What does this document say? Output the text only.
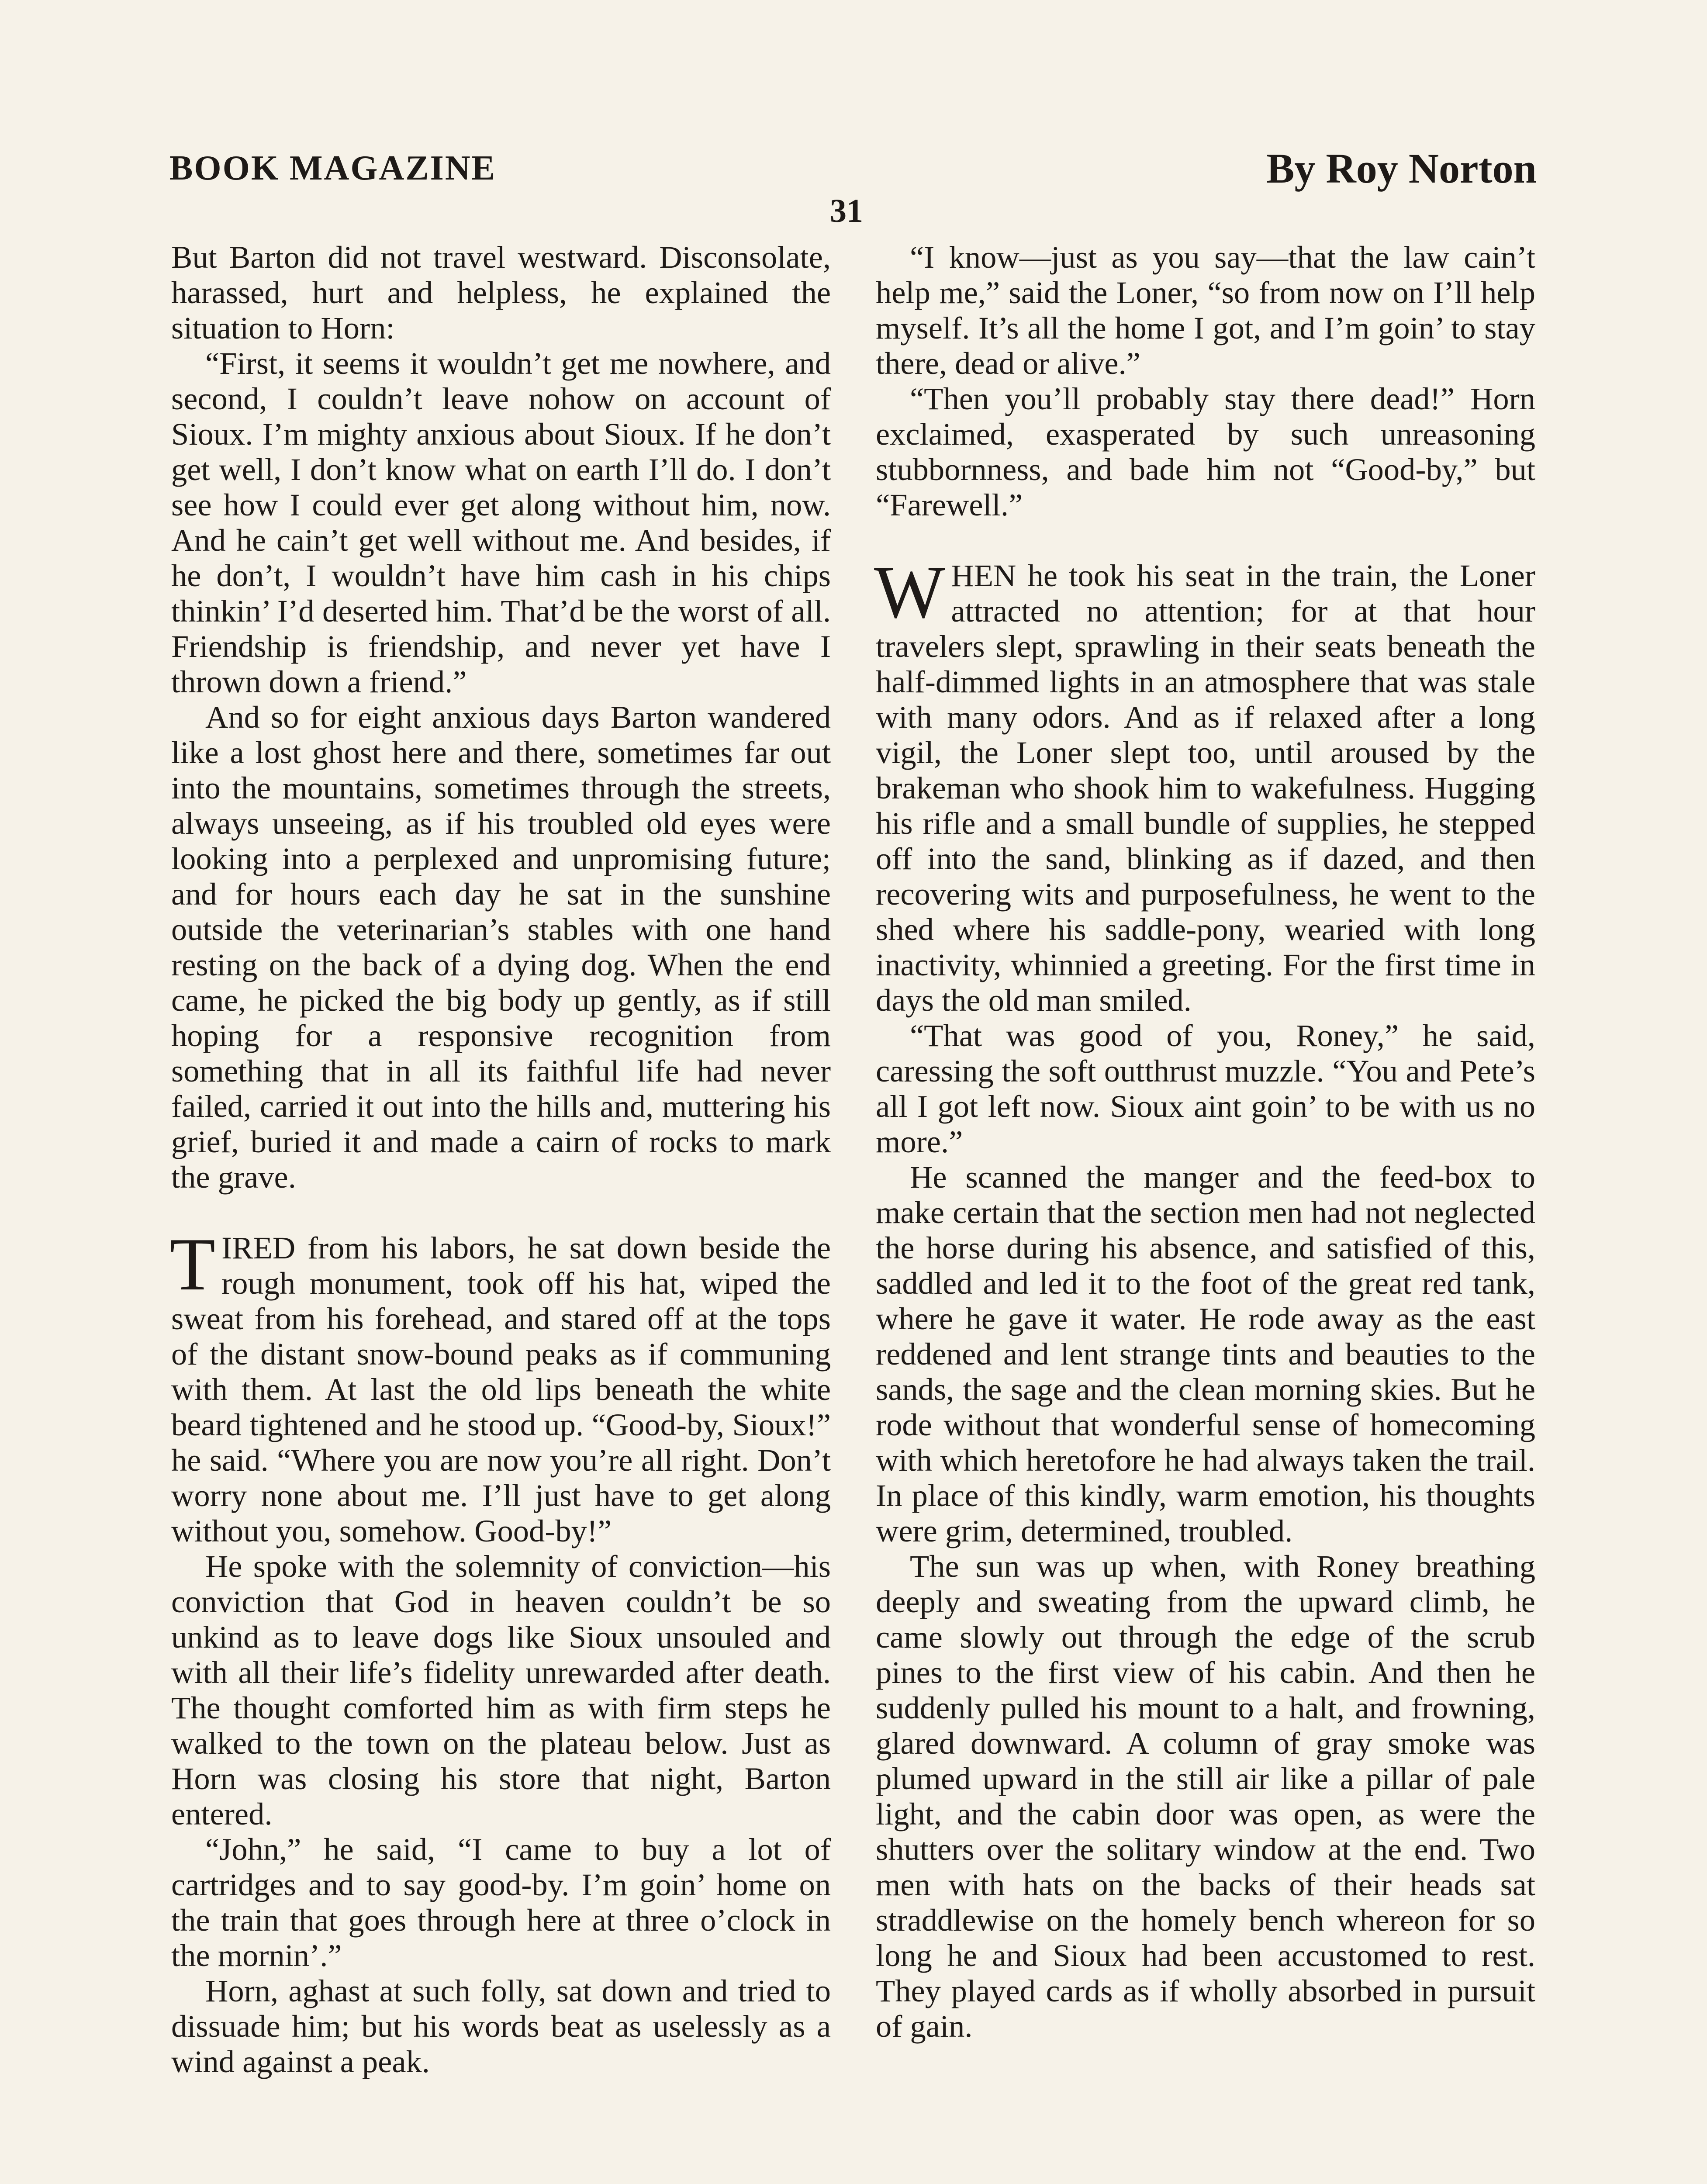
BOOK MAGAZINE	By Roy Norton
31

But Barton did not travel westward. Disconsolate, harassed, hurt and helpless, he explained the situation to Horn:

“First, it seems it wouldn’t get me nowhere, and second, I couldn’t leave nohow on account of Sioux. I’m mighty anxious about Sioux. If he don’t get well, I don’t know what on earth I’ll do. I don’t see how I could ever get along without him, now. And he cain’t get well without me. And besides, if he don’t, I wouldn’t have him cash in his chips thinkin’ I’d deserted him. That’d be the worst of all. Friendship is friendship, and never yet have I thrown down a friend.”

And so for eight anxious days Barton wandered like a lost ghost here and there, sometimes far out into the mountains, sometimes through the streets, always unseeing, as if his troubled old eyes were looking into a perplexed and unpromising future; and for hours each day he sat in the sunshine outside the veterinarian’s stables with one hand resting on the back of a dying dog. When the end came, he picked the big body up gently, as if still hoping for a responsive recognition from something that in all its faithful life had never failed, carried it out into the hills and, muttering his grief, buried it and made a cairn of rocks to mark the grave.

TIRED from his labors, he sat down beside the rough monument, took off his hat, wiped the sweat from his forehead, and stared off at the tops of the distant snow-bound peaks as if communing with them. At last the old lips beneath the white beard tightened and he stood up. “Good-by, Sioux!” he said. “Where you are now you’re all right. Don’t worry none about me. I’ll just have to get along without you, somehow. Good-by!”

He spoke with the solemnity of conviction—his conviction that God in heaven couldn’t be so unkind as to leave dogs like Sioux unsouled and with all their life’s fidelity unrewarded after death. The thought comforted him as with firm steps he walked to the town on the plateau below. Just as Horn was closing his store that night, Barton entered.

“John,” he said, “I came to buy a lot of cartridges and to say good-by. I’m goin’ home on the train that goes through here at three o’clock in the mornin’.”

Horn, aghast at such folly, sat down and tried to dissuade him; but his words beat as uselessly as a wind against a peak.

“I know—just as you say—that the law cain’t help me,” said the Loner, “so from now on I’ll help myself. It’s all the home I got, and I’m goin’ to stay there, dead or alive.”

“Then you’ll probably stay there dead!” Horn exclaimed, exasperated by such unreasoning stubbornness, and bade him not “Good-by,” but “Farewell.”

WHEN he took his seat in the train, the Loner attracted no attention; for at that hour travelers slept, sprawling in their seats beneath the half-dimmed lights in an atmosphere that was stale with many odors. And as if relaxed after a long vigil, the Loner slept too, until aroused by the brakeman who shook him to wakefulness. Hugging his rifle and a small bundle of supplies, he stepped off into the sand, blinking as if dazed, and then recovering wits and purposefulness, he went to the shed where his saddle-pony, wearied with long inactivity, whinnied a greeting. For the first time in days the old man smiled.

“That was good of you, Roney,” he said, caressing the soft outthrust muzzle. “You and Pete’s all I got left now. Sioux aint goin’ to be with us no more.”

He scanned the manger and the feed-box to make certain that the section men had not neglected the horse during his absence, and satisfied of this, saddled and led it to the foot of the great red tank, where he gave it water. He rode away as the east reddened and lent strange tints and beauties to the sands, the sage and the clean morning skies. But he rode without that wonderful sense of homecoming with which heretofore he had always taken the trail. In place of this kindly, warm emotion, his thoughts were grim, determined, troubled.

The sun was up when, with Roney breathing deeply and sweating from the upward climb, he came slowly out through the edge of the scrub pines to the first view of his cabin. And then he suddenly pulled his mount to a halt, and frowning, glared downward. A column of gray smoke was plumed upward in the still air like a pillar of pale light, and the cabin door was open, as were the shutters over the solitary window at the end. Two men with hats on the backs of their heads sat straddlewise on the homely bench whereon for so long he and Sioux had been accustomed to rest. They played cards as if wholly absorbed in pursuit of gain.
